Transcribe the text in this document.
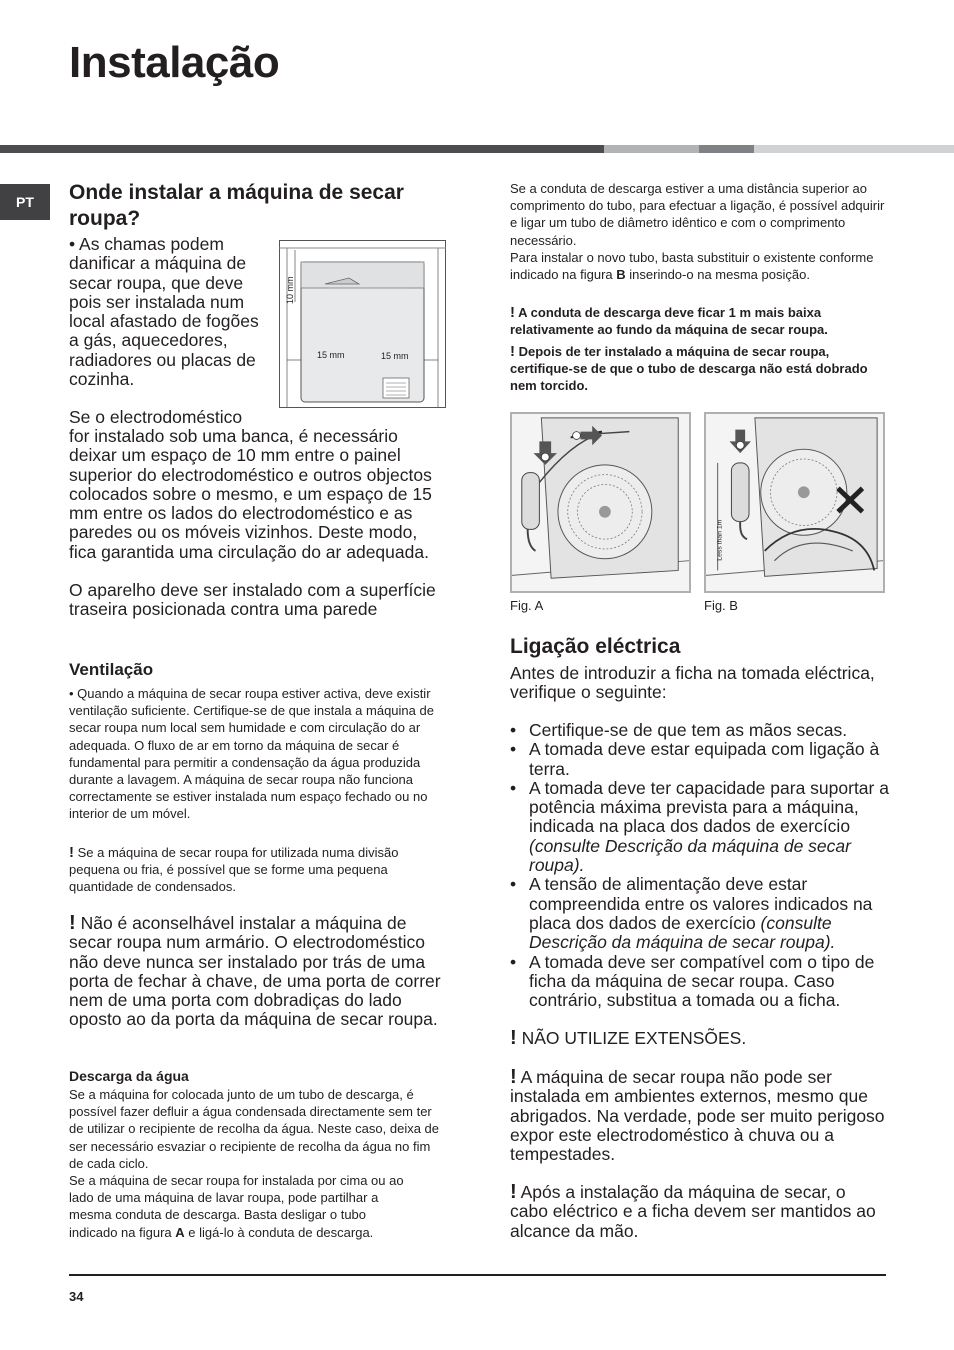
Instalação
PT	Onde instalar a máquina de secar roupa?
• As chamas podem danificar a máquina de secar roupa, que deve pois ser instalada num local afastado de fogões a gás, aquecedores, radiadores ou placas de cozinha.
Se o electrodoméstico
for instalado sob uma banca, é necessário deixar um espaço de 10 mm entre o painel superior do electrodoméstico e outros objectos colocados sobre o mesmo, e um espaço de 15 mm entre os lados do electrodoméstico e as paredes ou os móveis vizinhos. Deste modo, fica garantida uma circulação do ar adequada.
O aparelho deve ser instalado com a superfície traseira posicionada contra uma parede
10 mm
15 mm	15 mm
Ventilação
• Quando a máquina de secar roupa estiver activa, deve existir ventilação suficiente. Certifique-se de que instala a máquina de secar roupa num local sem humidade e com circulação do ar adequada. O fluxo de ar em torno da máquina de secar é fundamental para permitir a condensação da água produzida durante a lavagem. A máquina de secar roupa não funciona correctamente se estiver instalada num espaço fechado ou no interior de um móvel.
! Se a máquina de secar roupa for utilizada numa divisão pequena ou fria, é possível que se forme uma pequena quantidade de condensados.
! Não é aconselhável instalar a máquina de secar roupa num armário. O electrodoméstico não deve nunca ser instalado por trás de uma porta de fechar à chave, de uma porta de correr nem de uma porta com dobradiças do lado oposto ao da porta da máquina de secar roupa.
Descarga da água
Se a máquina for colocada junto de um tubo de descarga, é possível fazer defluir a água condensada directamente sem ter de utilizar o recipiente de recolha da água. Neste caso, deixa de ser necessário esvaziar o recipiente de recolha da água no fim de cada ciclo.
Se a máquina de secar roupa for instalada por cima ou ao lado de uma máquina de lavar roupa, pode partilhar a mesma conduta de descarga. Basta desligar o tubo indicado na figura A e ligá-lo à conduta de descarga.
Se a conduta de descarga estiver a uma distância superior ao comprimento do tubo, para efectuar a ligação, é possível adquirir e ligar um tubo de diâmetro idêntico e com o comprimento necessário.
Para instalar o novo tubo, basta substituir o existente conforme indicado na figura B inserindo-o na mesma posição.
! A conduta de descarga deve ficar 1 m mais baixa relativamente ao fundo da máquina de secar roupa.
! Depois de ter instalado a máquina de secar roupa, certifique-se de que o tubo de descarga não está dobrado nem torcido.
Fig. A
Less than 1m
Fig. B
Ligação eléctrica
Antes de introduzir a ficha na tomada eléctrica, verifique o seguinte:
• Certifique-se de que tem as mãos secas.
• A tomada deve estar equipada com ligação à terra.
• A tomada deve ter capacidade para suportar a potência máxima prevista para a máquina, indicada na placa dos dados de exercício (consulte Descrição da máquina de secar roupa).
• A tensão de alimentação deve estar compreendida entre os valores indicados na placa dos dados de exercício (consulte Descrição da máquina de secar roupa).
• A tomada deve ser compatível com o tipo de ficha da máquina de secar roupa. Caso contrário, substitua a tomada ou a ficha.
! NÃO UTILIZE EXTENSÕES.
! A máquina de secar roupa não pode ser instalada em ambientes externos, mesmo que abrigados. Na verdade, pode ser muito perigoso expor este electrodoméstico à chuva ou a tempestades.
! Após a instalação da máquina de secar, o cabo eléctrico e a ficha devem ser mantidos ao alcance da mão.
34
